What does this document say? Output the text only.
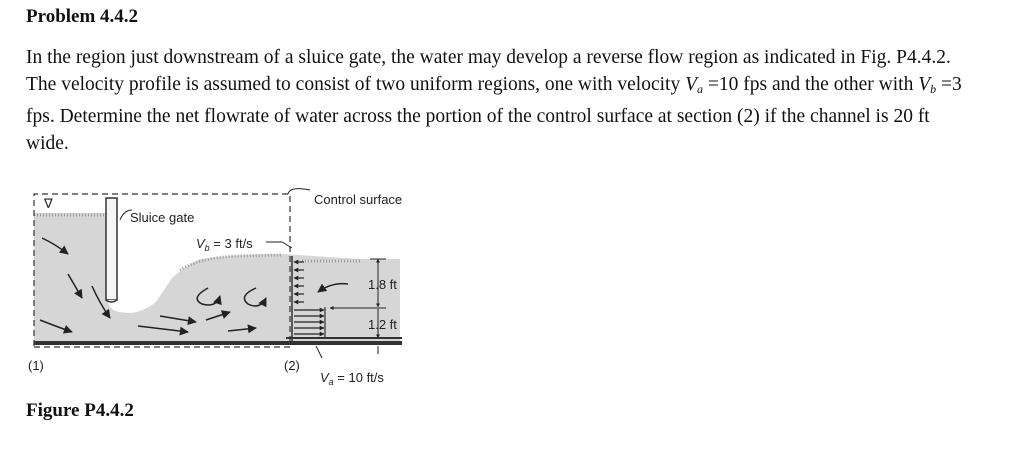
Problem 4.4.2

In the region just downstream of a sluice gate, the water may develop a reverse flow region as indicated in Fig. P4.4.2. The velocity profile is assumed to consist of two uniform regions, one with velocity $V_a =10$ fps and the other with $V_b =3$ fps. Determine the net flowrate of water across the portion of the control surface at section (2) if the channel is 20 ft wide.

∇	Control surface
Sluice gate
$V_b = 3$ ft/s
1.8 ft
1.2 ft
(1)	(2)
$V_a = 10$ ft/s
Figure P4.4.2
